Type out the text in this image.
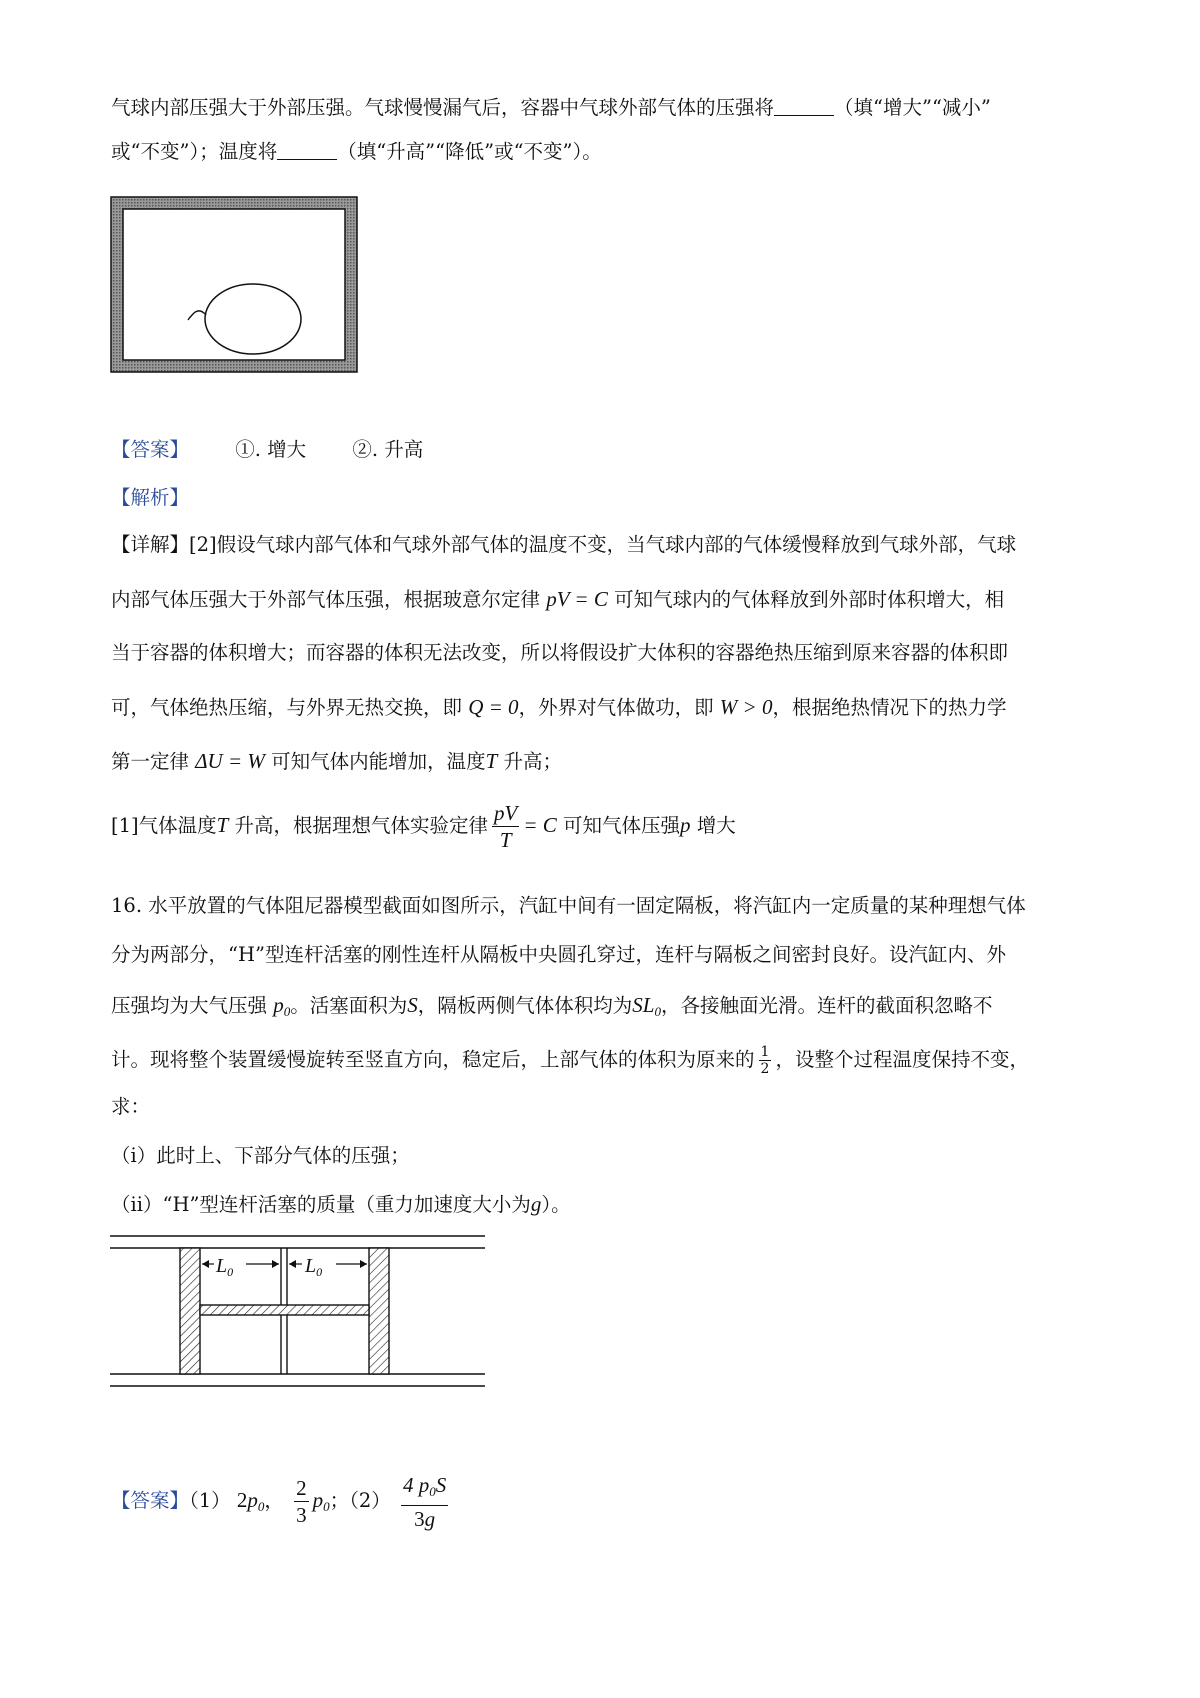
气球内部压强大于外部压强。气球慢慢漏气后，容器中气球外部气体的压强将	（填“增大”“减小”
或“不变”）；温度将	（填“升高”“降低”或“不变”）。
【答案】 ①. 增大 ②. 升高
【解析】
【详解】[2]假设气球内部气体和气球外部气体的温度不变，当气球内部的气体缓慢释放到气球外部，气球
内部气体压强大于外部气体压强，根据玻意尔定律 pV = C 可知气球内的气体释放到外部时体积增大，相
当于容器的体积增大；而容器的体积无法改变，所以将假设扩大体积的容器绝热压缩到原来容器的体积即
可，气体绝热压缩，与外界无热交换，即 Q = 0，外界对气体做功，即 W > 0，根据绝热情况下的热力学
第一定律 ΔU = W 可知气体内能增加，温度T 升高；
[1]气体温度T 升高，根据理想气体实验定律 $\frac{pV}{T} = C$ 可知气体压强p 增大
16. 水平放置的气体阻尼器模型截面如图所示，汽缸中间有一固定隔板，将汽缸内一定质量的某种理想气体
分为两部分，“H”型连杆活塞的刚性连杆从隔板中央圆孔穿过，连杆与隔板之间密封良好。设汽缸内、外
压强均为大气压强 $p_0$。活塞面积为S，隔板两侧气体体积均为$SL_0$，各接触面光滑。连杆的截面积忽略不
计。现将整个装置缓慢旋转至竖直方向，稳定后，上部气体的体积为原来的 $\frac{1}{2}$ ，设整个过程温度保持不变，
求：
（i）此时上、下部分气体的压强；
（ii）“H”型连杆活塞的质量（重力加速度大小为g）。
$L_0$	$L_0$
【答案】（1） $2p_0$， $\frac{2}{3} p_0$；$(2) \frac{4 p_0S}{3g}$
